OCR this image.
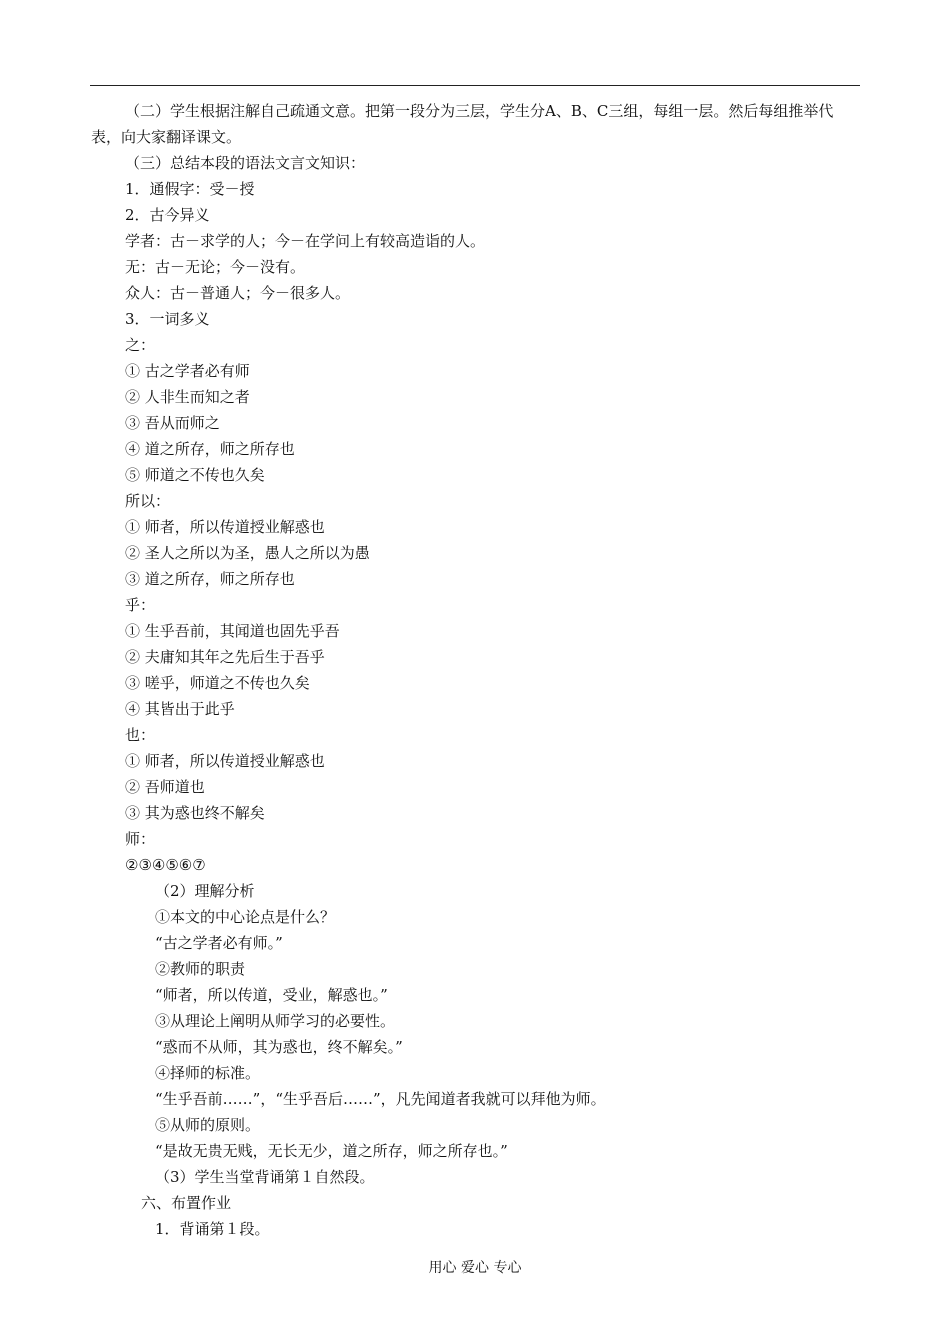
（二）学生根据注解自己疏通文意。把第一段分为三层，学生分A、B、C三组，每组一层。然后每组推举代表，向大家翻译课文。
（三）总结本段的语法文言文知识：
1．通假字：受－授
2．古今异义
学者：古－求学的人；今－在学问上有较高造诣的人。
无：古－无论；今－没有。
众人：古－普通人；今－很多人。
3．一词多义
之：
① 古之学者必有师
② 人非生而知之者
③ 吾从而师之
④ 道之所存，师之所存也
⑤ 师道之不传也久矣
所以：
① 师者，所以传道授业解惑也
② 圣人之所以为圣，愚人之所以为愚
③ 道之所存，师之所存也
乎：
① 生乎吾前，其闻道也固先乎吾
② 夫庸知其年之先后生于吾乎
③ 嗟乎，师道之不传也久矣
④ 其皆出于此乎
也：
① 师者，所以传道授业解惑也
② 吾师道也
③ 其为惑也终不解矣
师：
②③④⑤⑥⑦
（2）理解分析
①本文的中心论点是什么？
“古之学者必有师。”
②教师的职责
“师者，所以传道，受业，解惑也。”
③从理论上阐明从师学习的必要性。
“惑而不从师，其为惑也，终不解矣。”
④择师的标准。
“生乎吾前……”，“生乎吾后……”，凡先闻道者我就可以拜他为师。
⑤从师的原则。
“是故无贵无贱，无长无少，道之所存，师之所存也。”
（3）学生当堂背诵第１自然段。
六、布置作业
1．背诵第１段。
用心 爱心 专心
